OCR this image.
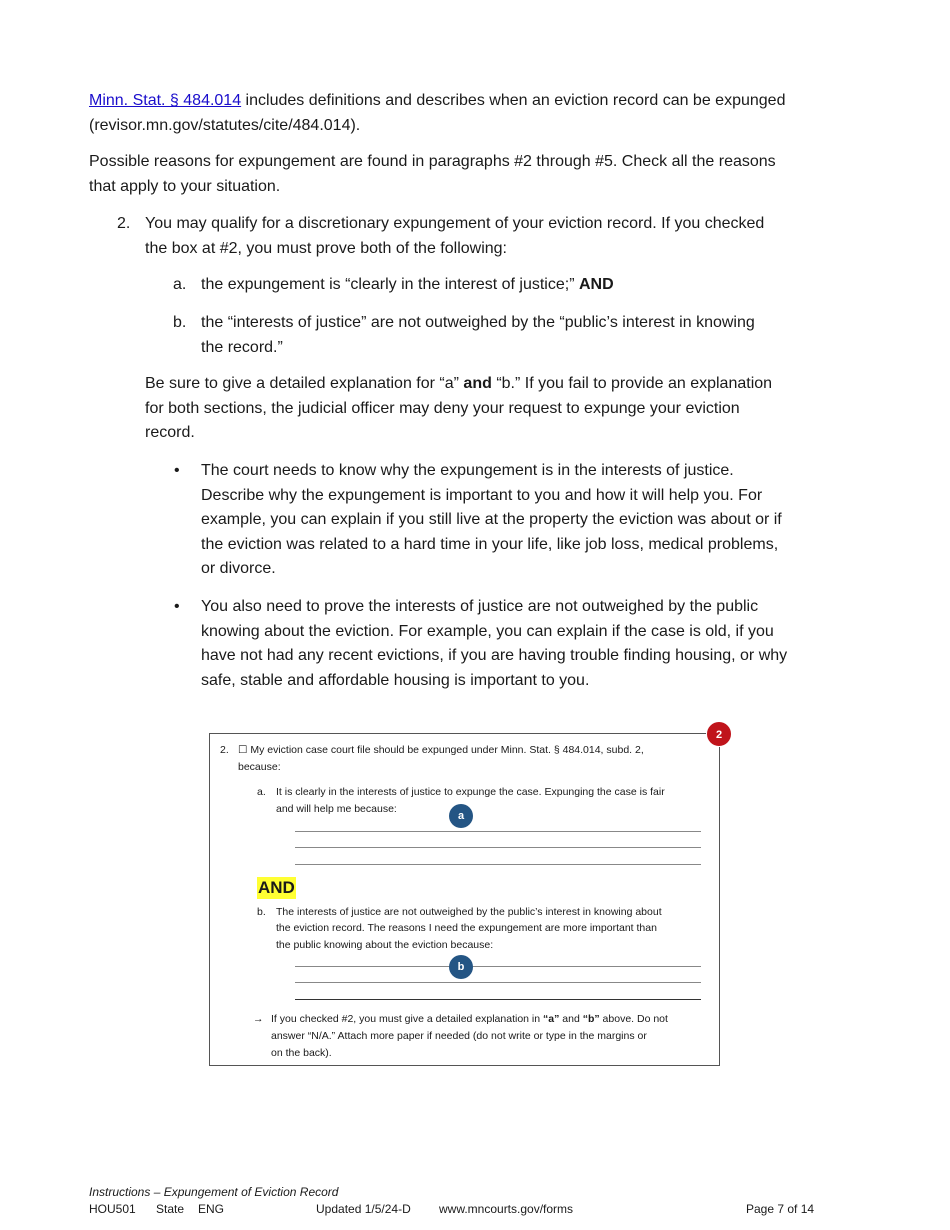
Minn. Stat. § 484.014 includes definitions and describes when an eviction record can be expunged
(revisor.mn.gov/statutes/cite/484.014).
Possible reasons for expungement are found in paragraphs #2 through #5. Check all the reasons
that apply to your situation.
2. You may qualify for a discretionary expungement of your eviction record. If you checked
the box at #2, you must prove both of the following:
a. the expungement is “clearly in the interest of justice;” AND
b. the “interests of justice” are not outweighed by the “public’s interest in knowing
the record.”
Be sure to give a detailed explanation for “a” and “b.” If you fail to provide an explanation
for both sections, the judicial officer may deny your request to expunge your eviction
record.
• The court needs to know why the expungement is in the interests of justice.
Describe why the expungement is important to you and how it will help you. For
example, you can explain if you still live at the property the eviction was about or if
the eviction was related to a hard time in your life, like job loss, medical problems,
or divorce.
• You also need to prove the interests of justice are not outweighed by the public
knowing about the eviction. For example, you can explain if the case is old, if you
have not had any recent evictions, if you are having trouble finding housing, or why
safe, stable and affordable housing is important to you.
2. ☐ My eviction case court file should be expunged under Minn. Stat. § 484.014, subd. 2,
because:
a. It is clearly in the interests of justice to expunge the case. Expunging the case is fair
and will help me because:
a
AND
b. The interests of justice are not outweighed by the public’s interest in knowing about
the eviction record. The reasons I need the expungement are more important than
the public knowing about the eviction because:
b
→ If you checked #2, you must give a detailed explanation in “a” and “b” above. Do not
answer “N/A.” Attach more paper if needed (do not write or type in the margins or
on the back).
2
Instructions – Expungement of Eviction Record
HOU501 State ENG	Updated 1/5/24-D www.mncourts.gov/forms	Page 7 of 14
